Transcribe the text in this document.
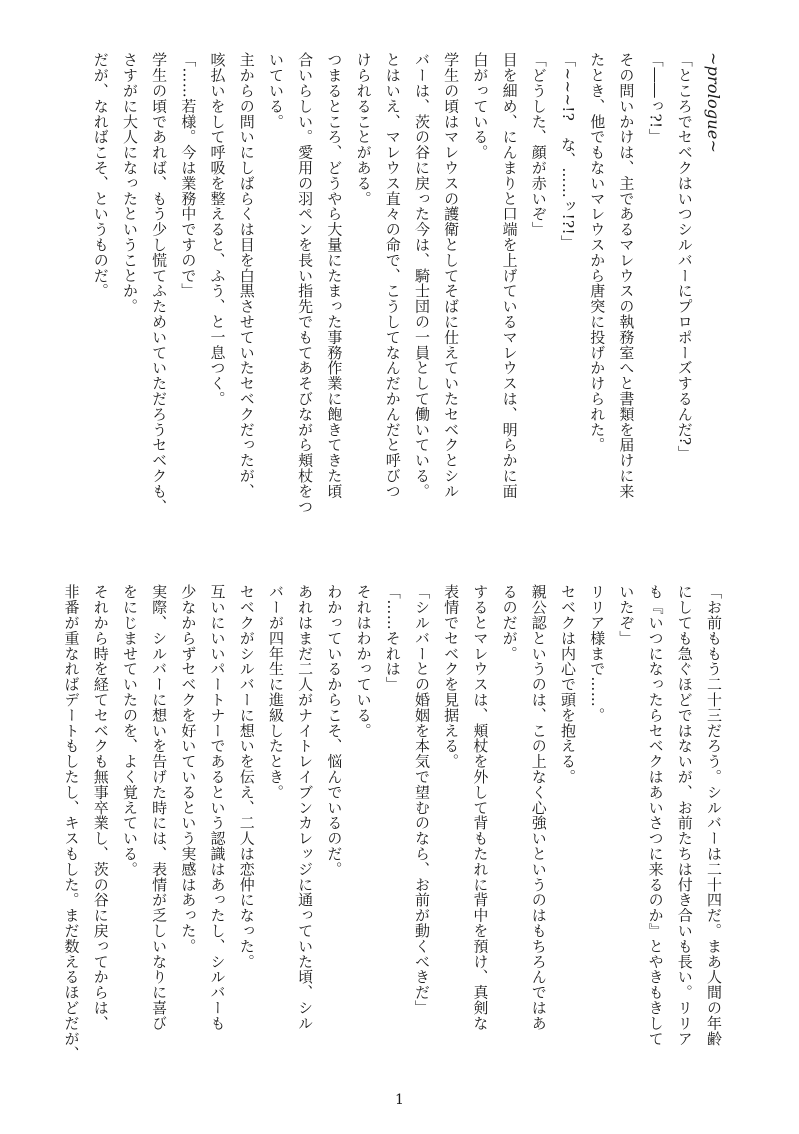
~prologue~
「ところでセベクはいつシルバーにプロポーズするんだ?」
「――っ?!」
その問いかけは、主であるマレウスの執務室へと書類を届けに来
たとき、他でもないマレウスから唐突に投げかけられた。
「~~~!?　な、……ッ!?!」
「どうした、顔が赤いぞ」
目を細め、にんまりと口端を上げているマレウスは、明らかに面
白がっている。
学生の頃はマレウスの護衛としてそばに仕えていたセベクとシル
バーは、茨の谷に戻った今は、騎士団の一員として働いている。
とはいえ、マレウス直々の命で、こうしてなんだかんだと呼びつ
けられることがある。
つまるところ、どうやら大量にたまった事務作業に飽きてきた頃
合いらしい。愛用の羽ペンを長い指先でもてあそびながら頬杖をつ
いている。
主からの問いにしばらくは目を白黒させていたセベクだったが、
咳払いをして呼吸を整えると、ふう、と一息つく。
「……若様。今は業務中ですので」
学生の頃であれば、もう少し慌てふためいていただろうセベクも、
さすがに大人になったということか。
だが、なればこそ、というものだ。
「お前ももう二十三だろう。シルバーは二十四だ。まあ人間の年齢
にしても急ぐほどではないが、お前たちは付き合いも長い。リリア
も『いつになったらセベクはあいさつに来るのか』とやきもきして
いたぞ」
リリア様まで……。
セベクは内心で頭を抱える。
親公認というのは、この上なく心強いというのはもちろんではあ
るのだが。
するとマレウスは、頬杖を外して背もたれに背中を預け、真剣な
表情でセベクを見据える。
「シルバーとの婚姻を本気で望むのなら、お前が動くべきだ」
「……それは」
それはわかっている。
わかっているからこそ、悩んでいるのだ。
あれはまだ二人がナイトレイブンカレッジに通っていた頃、シル
バーが四年生に進級したとき。
セベクがシルバーに想いを伝え、二人は恋仲になった。
互いにいいパートナーであるという認識はあったし、シルバーも
少なからずセベクを好いているという実感はあった。
実際、シルバーに想いを告げた時には、表情が乏しいなりに喜び
をにじませていたのを、よく覚えている。
それから時を経てセベクも無事卒業し、茨の谷に戻ってからは、
非番が重なればデートもしたし、キスもした。まだ数えるほどだが、
1
